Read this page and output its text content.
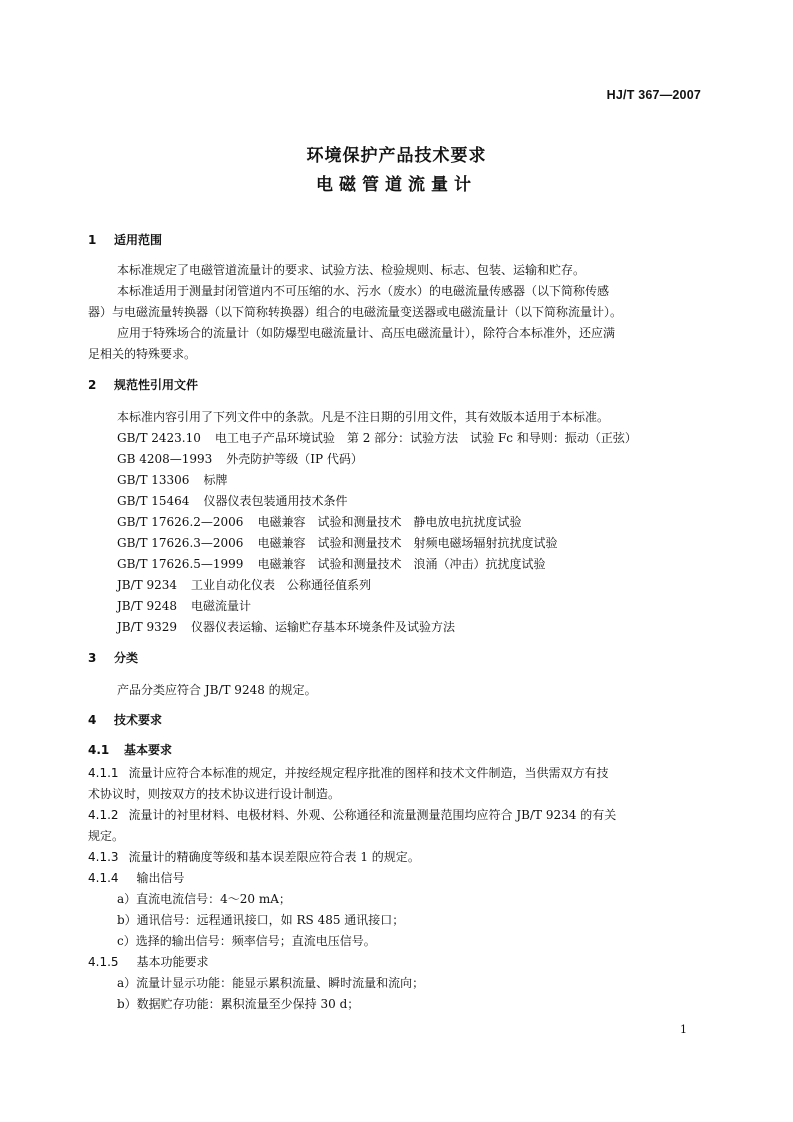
HJ/T 367—2007
环境保护产品技术要求
电磁管道流量计
1 适用范围
本标准规定了电磁管道流量计的要求、试验方法、检验规则、标志、包装、运输和贮存。
本标准适用于测量封闭管道内不可压缩的水、污水（废水）的电磁流量传感器（以下简称传感
器）与电磁流量转换器（以下简称转换器）组合的电磁流量变送器或电磁流量计（以下简称流量计）。
应用于特殊场合的流量计（如防爆型电磁流量计、高压电磁流量计），除符合本标准外，还应满
足相关的特殊要求。
2 规范性引用文件
本标准内容引用了下列文件中的条款。凡是不注日期的引用文件，其有效版本适用于本标准。
GB/T 2423.10 电工电子产品环境试验　第 2 部分：试验方法　试验 Fc 和导则：振动（正弦）
GB 4208—1993 外壳防护等级（IP 代码）
GB/T 13306 标牌
GB/T 15464 仪器仪表包装通用技术条件
GB/T 17626.2—2006 电磁兼容　试验和测量技术　静电放电抗扰度试验
GB/T 17626.3—2006 电磁兼容　试验和测量技术　射频电磁场辐射抗扰度试验
GB/T 17626.5—1999 电磁兼容　试验和测量技术　浪涌（冲击）抗扰度试验
JB/T 9234 工业自动化仪表　公称通径值系列
JB/T 9248 电磁流量计
JB/T 9329 仪器仪表运输、运输贮存基本环境条件及试验方法
3 分类
产品分类应符合 JB/T 9248 的规定。
4 技术要求
4.1 基本要求
4.1.1 流量计应符合本标准的规定，并按经规定程序批准的图样和技术文件制造，当供需双方有技
术协议时，则按双方的技术协议进行设计制造。
4.1.2 流量计的衬里材料、电极材料、外观、公称通径和流量测量范围均应符合 JB/T 9234 的有关
规定。
4.1.3 流量计的精确度等级和基本误差限应符合表 1 的规定。
4.1.4 输出信号
a）直流电流信号：4～20 mA；
b）通讯信号：远程通讯接口，如 RS 485 通讯接口；
c）选择的输出信号：频率信号；直流电压信号。
4.1.5 基本功能要求
a）流量计显示功能：能显示累积流量、瞬时流量和流向；
b）数据贮存功能：累积流量至少保持 30 d；
1
